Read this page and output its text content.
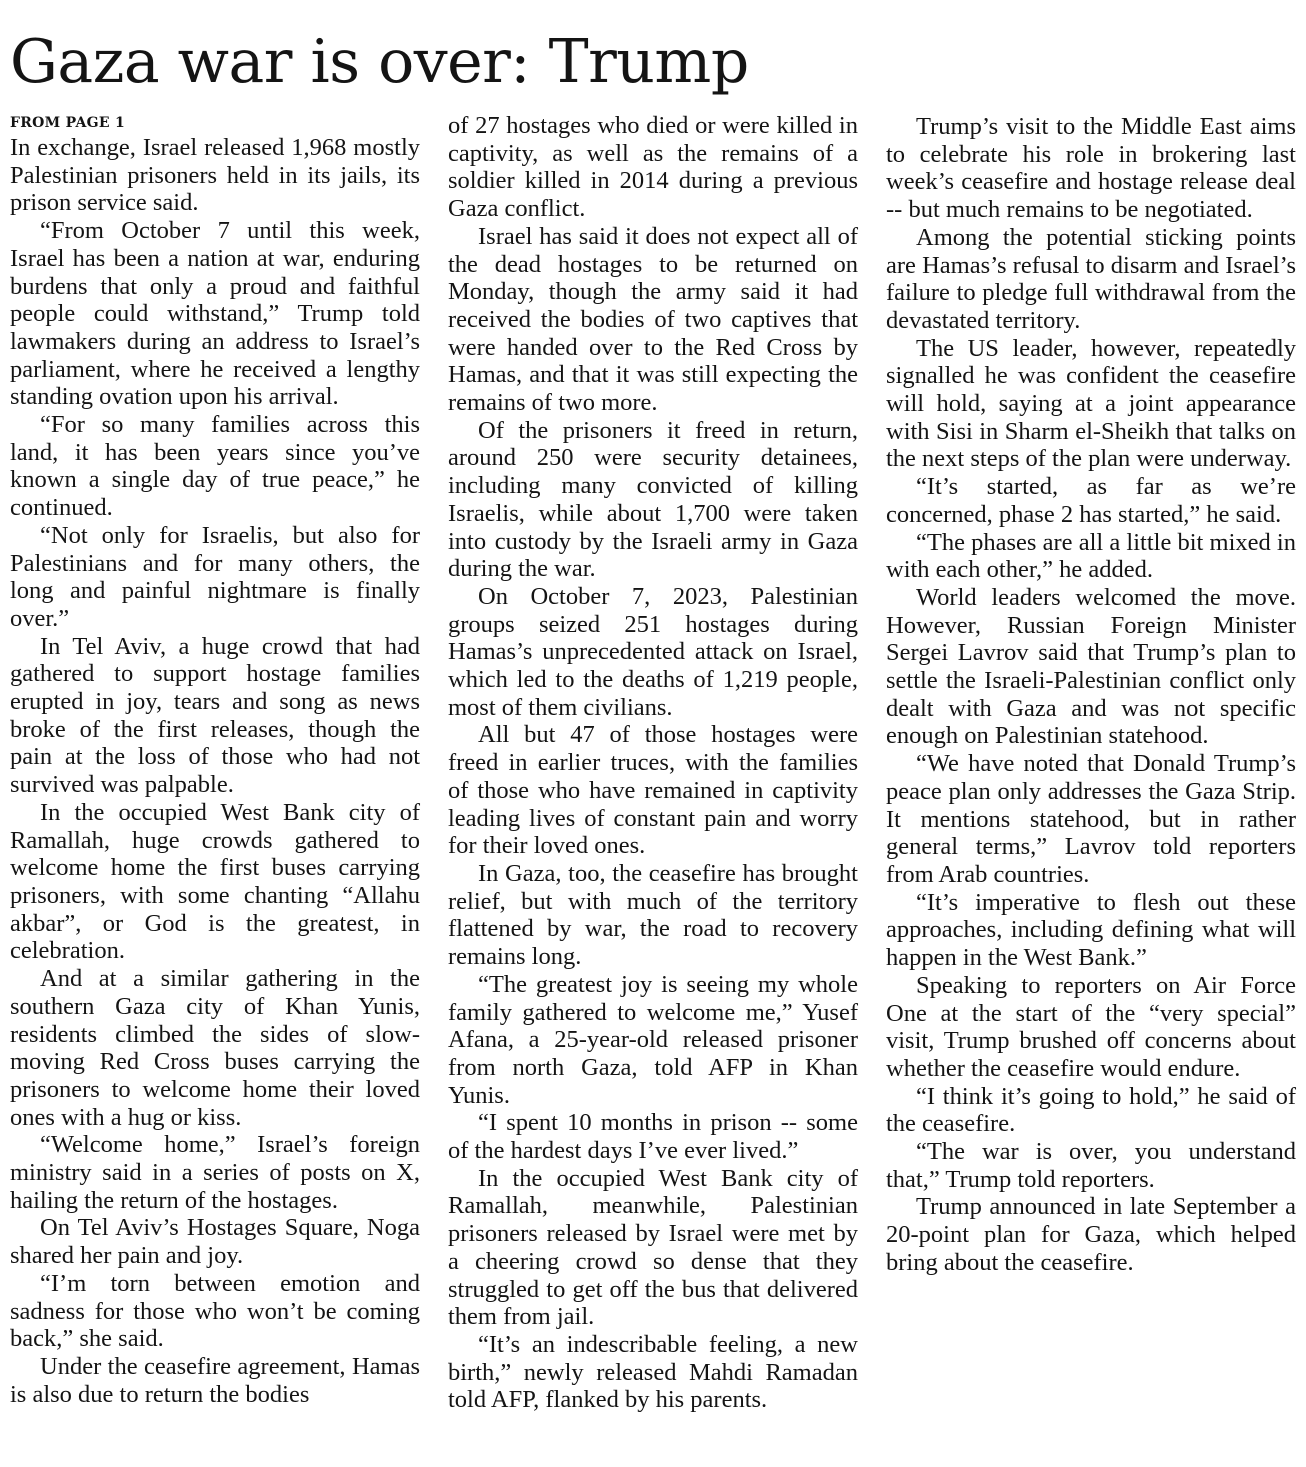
Gaza war is over: Trump
FROM PAGE 1

In exchange, Israel released 1,968 mostly Palestinian prisoners held in its jails, its prison service said.

“From October 7 until this week, Israel has been a nation at war, enduring burdens that only a proud and faithful people could withstand,” Trump told lawmakers during an address to Israel’s parliament, where he received a lengthy standing ovation upon his arrival.

“For so many families across this land, it has been years since you’ve known a single day of true peace,” he continued.

“Not only for Israelis, but also for Palestinians and for many others, the long and painful nightmare is finally over.”

In Tel Aviv, a huge crowd that had gathered to support hostage families erupted in joy, tears and song as news broke of the first releases, though the pain at the loss of those who had not survived was palpable.

In the occupied West Bank city of Ramallah, huge crowds gathered to welcome home the first buses carrying prisoners, with some chanting “Allahu akbar”, or God is the greatest, in celebration.

And at a similar gathering in the southern Gaza city of Khan Yunis, residents climbed the sides of slow-moving Red Cross buses carrying the prisoners to welcome home their loved ones with a hug or kiss.

“Welcome home,” Israel’s foreign ministry said in a series of posts on X, hailing the return of the hostages.

On Tel Aviv’s Hostages Square, Noga shared her pain and joy.

“I’m torn between emotion and sadness for those who won’t be coming back,” she said.

Under the ceasefire agreement, Hamas is also due to return the bodies

of 27 hostages who died or were killed in captivity, as well as the remains of a soldier killed in 2014 during a previous Gaza conflict.

Israel has said it does not expect all of the dead hostages to be returned on Monday, though the army said it had received the bodies of two captives that were handed over to the Red Cross by Hamas, and that it was still expecting the remains of two more.

Of the prisoners it freed in return, around 250 were security detainees, including many convicted of killing Israelis, while about 1,700 were taken into custody by the Israeli army in Gaza during the war.

On October 7, 2023, Palestinian groups seized 251 hostages during Hamas’s unprecedented attack on Israel, which led to the deaths of 1,219 people, most of them civilians.

All but 47 of those hostages were freed in earlier truces, with the families of those who have remained in captivity leading lives of constant pain and worry for their loved ones.

In Gaza, too, the ceasefire has brought relief, but with much of the territory flattened by war, the road to recovery remains long.

“The greatest joy is seeing my whole family gathered to welcome me,” Yusef Afana, a 25-year-old released prisoner from north Gaza, told AFP in Khan Yunis.

“I spent 10 months in prison -- some of the hardest days I’ve ever lived.”

In the occupied West Bank city of Ramallah, meanwhile, Palestinian prisoners released by Israel were met by a cheering crowd so dense that they struggled to get off the bus that delivered them from jail.

“It’s an indescribable feeling, a new birth,” newly released Mahdi Ramadan told AFP, flanked by his parents.

Trump’s visit to the Middle East aims to celebrate his role in brokering last week’s ceasefire and hostage release deal -- but much remains to be negotiated.

Among the potential sticking points are Hamas’s refusal to disarm and Israel’s failure to pledge full withdrawal from the devastated territory.

The US leader, however, repeatedly signalled he was confident the ceasefire will hold, saying at a joint appearance with Sisi in Sharm el-Sheikh that talks on the next steps of the plan were underway.

“It’s started, as far as we’re concerned, phase 2 has started,” he said.

“The phases are all a little bit mixed in with each other,” he added.

World leaders welcomed the move. However, Russian Foreign Minister Sergei Lavrov said that Trump’s plan to settle the Israeli-Palestinian conflict only dealt with Gaza and was not specific enough on Palestinian statehood.

“We have noted that Donald Trump’s peace plan only addresses the Gaza Strip. It mentions statehood, but in rather general terms,” Lavrov told reporters from Arab countries.

“It’s imperative to flesh out these approaches, including defining what will happen in the West Bank.”

Speaking to reporters on Air Force One at the start of the “very special” visit, Trump brushed off concerns about whether the ceasefire would endure.

“I think it’s going to hold,” he said of the ceasefire.

“The war is over, you understand that,” Trump told reporters.

Trump announced in late September a 20-point plan for Gaza, which helped bring about the ceasefire.
